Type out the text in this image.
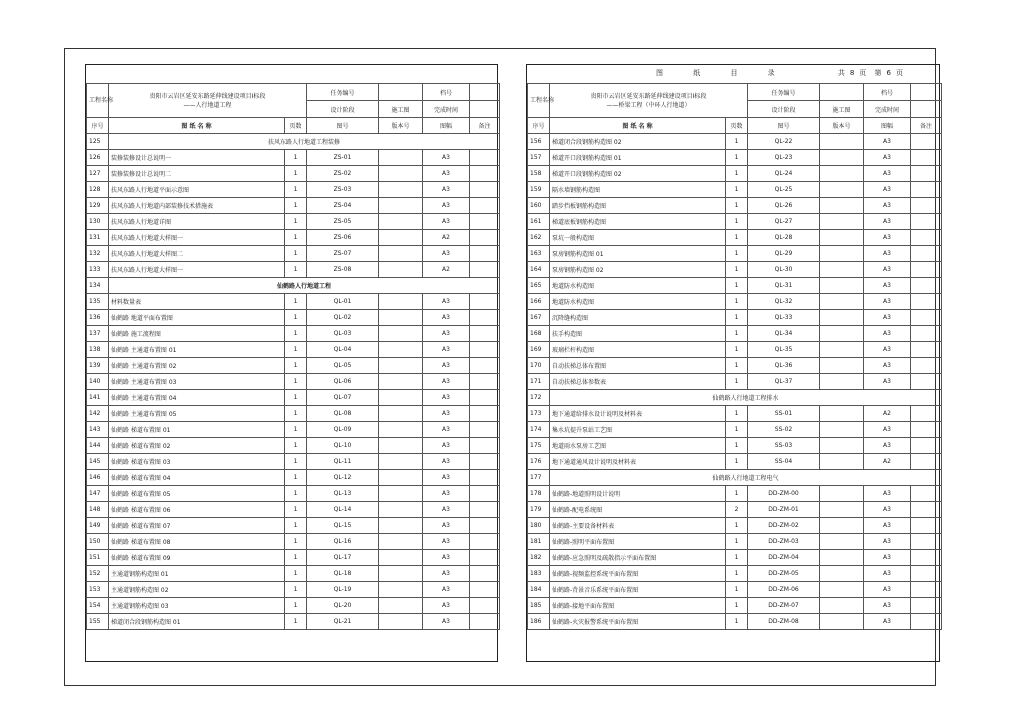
图 纸 目 录	共 8 页 第 6 页
工程名称	贵阳市云岩区延安东路延伸线建设项目I标段
——人行地道工程	任务编号		档号	
		设计阶段	施工图	完成时间	
序号	图 纸 名 称	页数	图号	版本号	图幅	备注
125	扶风东路人行地道工程装修					
126	装修装修设计总说明一	1	ZS-01		A3	
127	装修装修设计总说明二	1	ZS-02		A3	
128	扶风东路人行地道平面示意图	1	ZS-03		A3	
129	扶风东路人行地道内部装修技术措施表	1	ZS-04		A3	
130	扶风东路人行地道详图	1	ZS-05		A3	
131	扶风东路人行地道大样图一	1	ZS-06		A2	
132	扶风东路人行地道大样图二	1	ZS-07		A3	
133	扶风东路人行地道大样图一	1	ZS-08		A2	
134	仙鹤路人行地道工程					
135	材料数量表	1	QL-01		A3	
136	仙鹤路 地道平面布置图	1	QL-02		A3	
137	仙鹤路 施工流程图	1	QL-03		A3	
138	仙鹤路 主通道布置图 01	1	QL-04		A3	
139	仙鹤路 主通道布置图 02	1	QL-05		A3	
140	仙鹤路 主通道布置图 03	1	QL-06		A3	
141	仙鹤路 主通道布置图 04	1	QL-07		A3	
142	仙鹤路 主通道布置图 05	1	QL-08		A3	
143	仙鹤路 梯道布置图 01	1	QL-09		A3	
144	仙鹤路 梯道布置图 02	1	QL-10		A3	
145	仙鹤路 梯道布置图 03	1	QL-11		A3	
146	仙鹤路 梯道布置图 04	1	QL-12		A3	
147	仙鹤路 梯道布置图 05	1	QL-13		A3	
148	仙鹤路 梯道布置图 06	1	QL-14		A3	
149	仙鹤路 梯道布置图 07	1	QL-15		A3	
150	仙鹤路 梯道布置图 08	1	QL-16		A3	
151	仙鹤路 梯道布置图 09	1	QL-17		A3	
152	主通道钢筋构造图 01	1	QL-18		A3	
153	主通道钢筋构造图 02	1	QL-19		A3	
154	主通道钢筋构造图 03	1	QL-20		A3	
155	梯道闭合段钢筋构造图 01	1	QL-21		A3	
工程名称	贵阳市云岩区延安东路延伸线建设项目I标段
——桥梁工程（中环人行地道）	任务编号		档号	
		设计阶段	施工图	完成时间	
序号	图 纸 名 称	页数	图号	版本号	图幅	备注
156	梯道闭合段钢筋构造图 02	1	QL-22		A3	
157	梯道开口段钢筋构造图 01	1	QL-23		A3	
158	梯道开口段钢筋构造图 02	1	QL-24		A3	
159	隔水墙钢筋构造图	1	QL-25		A3	
160	踏步挡板钢筋构造图	1	QL-26		A3	
161	梯道底板钢筋构造图	1	QL-27		A3	
162	泵坑一般构造图	1	QL-28		A3	
163	泵房钢筋构造图 01	1	QL-29		A3	
164	泵房钢筋构造图 02	1	QL-30		A3	
165	地道防水构造图	1	QL-31		A3	
166	地道防水构造图	1	QL-32		A3	
167	沉降缝构造图	1	QL-33		A3	
168	扶手构造图	1	QL-34		A3	
169	玻璃栏杆构造图	1	QL-35		A3	
170	自动扶梯总体布置图	1	QL-36		A3	
171	自动扶梯总体参数表	1	QL-37		A3	
172	仙鹤路人行地道工程排水					
173	地下通道给排水设计说明及材料表	1	SS-01		A2	
174	集水坑提升泵站工艺图	1	SS-02		A3	
175	地道雨水泵房工艺图	1	SS-03		A3	
176	地下通道通风设计说明及材料表	1	SS-04		A2	
177	仙鹤路人行地道工程电气					
178	仙鹤路-地道照明设计说明	1	DD-ZM-00		A3	
179	仙鹤路-配电系统图	2	DD-ZM-01		A3	
180	仙鹤路-主要设备材料表	1	DD-ZM-02		A3	
181	仙鹤路-照明平面布置图	1	DD-ZM-03		A3	
182	仙鹤路-应急照明及疏散指示平面布置图	1	DD-ZM-04		A3	
183	仙鹤路-视频监控系统平面布置图	1	DD-ZM-05		A3	
184	仙鹤路-背景音乐系统平面布置图	1	DD-ZM-06		A3	
185	仙鹤路-接地平面布置图	1	DD-ZM-07		A3	
186	仙鹤路-火灾报警系统平面布置图	1	DD-ZM-08		A3	
